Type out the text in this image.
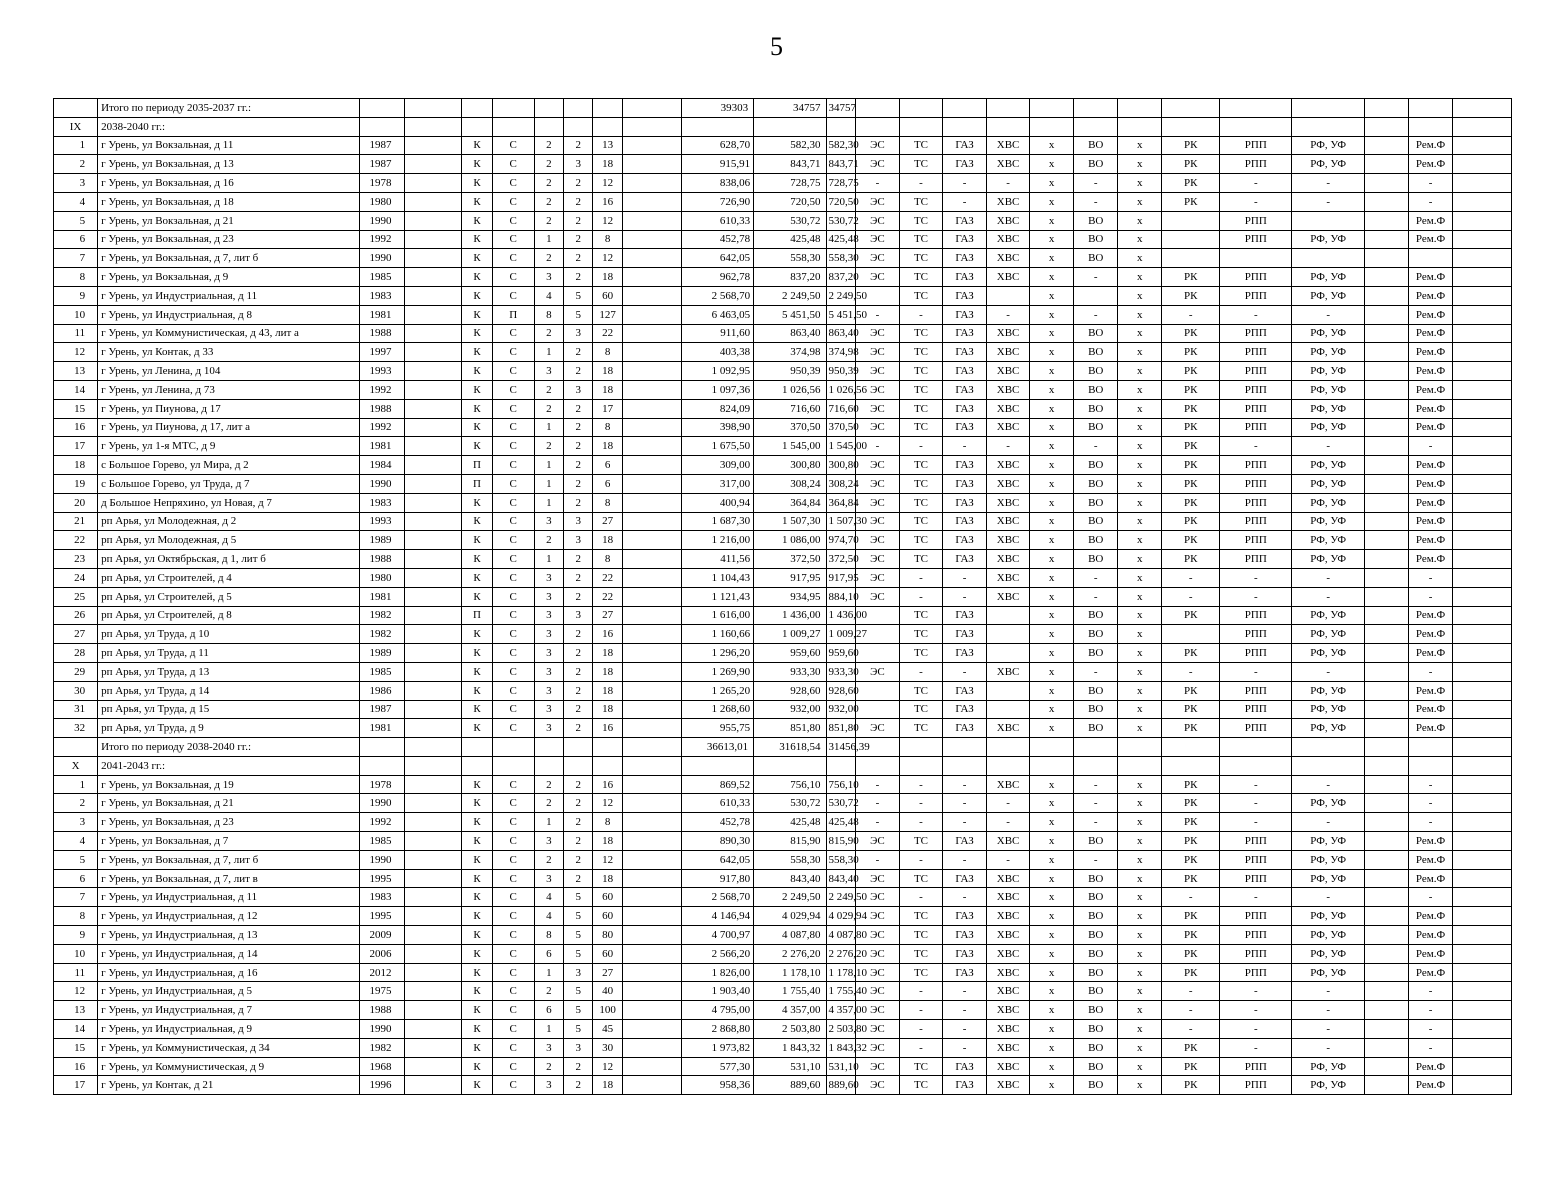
5
	Итого по периоду 2035-2037 гг.:									39303	34757	34757													
IX	2038-2040 гг.:																								
1	г Урень, ул Вокзальная, д 11	1987		К	С	2	2	13		628,70	582,30	582,30	ЭС	ТС	ГАЗ	ХВС	х	ВО	х	РК	РПП	РФ, УФ		Рем.Ф	
2	г Урень, ул Вокзальная, д 13	1987		К	С	2	3	18		915,91	843,71	843,71	ЭС	ТС	ГАЗ	ХВС	х	ВО	х	РК	РПП	РФ, УФ		Рем.Ф	
3	г Урень, ул Вокзальная, д 16	1978		К	С	2	2	12		838,06	728,75	728,75	-	-	-	-	х	-	х	РК	-	-		-	
4	г Урень, ул Вокзальная, д 18	1980		К	С	2	2	16		726,90	720,50	720,50	ЭС	ТС	-	ХВС	х	-	х	РК	-	-		-	
5	г Урень, ул Вокзальная, д 21	1990		К	С	2	2	12		610,33	530,72	530,72	ЭС	ТС	ГАЗ	ХВС	х	ВО	х		РПП			Рем.Ф	
6	г Урень, ул Вокзальная, д 23	1992		К	С	1	2	8		452,78	425,48	425,48	ЭС	ТС	ГАЗ	ХВС	х	ВО	х		РПП	РФ, УФ		Рем.Ф	
7	г Урень, ул Вокзальная, д 7, лит б	1990		К	С	2	2	12		642,05	558,30	558,30	ЭС	ТС	ГАЗ	ХВС	х	ВО	х						
8	г Урень, ул Вокзальная, д 9	1985		К	С	3	2	18		962,78	837,20	837,20	ЭС	ТС	ГАЗ	ХВС	х	-	х	РК	РПП	РФ, УФ		Рем.Ф	
9	г Урень, ул Индустриальная, д 11	1983		К	С	4	5	60		2 568,70	2 249,50	2 249,50		ТС	ГАЗ		х		х	РК	РПП	РФ, УФ		Рем.Ф	
10	г Урень, ул Индустриальная, д 8	1981		К	П	8	5	127		6 463,05	5 451,50	5 451,50	-	-	ГАЗ	-	х	-	х	-	-	-		Рем.Ф	
11	г Урень, ул Коммунистическая, д 43, лит а	1988		К	С	2	3	22		911,60	863,40	863,40	ЭС	ТС	ГАЗ	ХВС	х	ВО	х	РК	РПП	РФ, УФ		Рем.Ф	
12	г Урень, ул Контак, д 33	1997		К	С	1	2	8		403,38	374,98	374,98	ЭС	ТС	ГАЗ	ХВС	х	ВО	х	РК	РПП	РФ, УФ		Рем.Ф	
13	г Урень, ул Ленина, д 104	1993		К	С	3	2	18		1 092,95	950,39	950,39	ЭС	ТС	ГАЗ	ХВС	х	ВО	х	РК	РПП	РФ, УФ		Рем.Ф	
14	г Урень, ул Ленина, д 73	1992		К	С	2	3	18		1 097,36	1 026,56	1 026,56	ЭС	ТС	ГАЗ	ХВС	х	ВО	х	РК	РПП	РФ, УФ		Рем.Ф	
15	г Урень, ул Пиунова, д 17	1988		К	С	2	2	17		824,09	716,60	716,60	ЭС	ТС	ГАЗ	ХВС	х	ВО	х	РК	РПП	РФ, УФ		Рем.Ф	
16	г Урень, ул Пиунова, д 17, лит а	1992		К	С	1	2	8		398,90	370,50	370,50	ЭС	ТС	ГАЗ	ХВС	х	ВО	х	РК	РПП	РФ, УФ		Рем.Ф	
17	г Урень, ул 1-я МТС, д 9	1981		К	С	2	2	18		1 675,50	1 545,00	1 545,00	-	-	-	-	х	-	х	РК	-	-		-	
18	с Большое Горево, ул Мира, д 2	1984		П	С	1	2	6		309,00	300,80	300,80	ЭС	ТС	ГАЗ	ХВС	х	ВО	х	РК	РПП	РФ, УФ		Рем.Ф	
19	с Большое Горево, ул Труда, д 7	1990		П	С	1	2	6		317,00	308,24	308,24	ЭС	ТС	ГАЗ	ХВС	х	ВО	х	РК	РПП	РФ, УФ		Рем.Ф	
20	д Большое Непряхино, ул Новая, д 7	1983		К	С	1	2	8		400,94	364,84	364,84	ЭС	ТС	ГАЗ	ХВС	х	ВО	х	РК	РПП	РФ, УФ		Рем.Ф	
21	рп Арья, ул Молодежная, д 2	1993		К	С	3	3	27		1 687,30	1 507,30	1 507,30	ЭС	ТС	ГАЗ	ХВС	х	ВО	х	РК	РПП	РФ, УФ		Рем.Ф	
22	рп Арья, ул Молодежная, д 5	1989		К	С	2	3	18		1 216,00	1 086,00	974,70	ЭС	ТС	ГАЗ	ХВС	х	ВО	х	РК	РПП	РФ, УФ		Рем.Ф	
23	рп Арья, ул Октябрьская, д 1, лит б	1988		К	С	1	2	8		411,56	372,50	372,50	ЭС	ТС	ГАЗ	ХВС	х	ВО	х	РК	РПП	РФ, УФ		Рем.Ф	
24	рп Арья, ул Строителей, д 4	1980		К	С	3	2	22		1 104,43	917,95	917,95	ЭС	-	-	ХВС	х	-	х	-	-	-		-	
25	рп Арья, ул Строителей, д 5	1981		К	С	3	2	22		1 121,43	934,95	884,10	ЭС	-	-	ХВС	х	-	х	-	-	-		-	
26	рп Арья, ул Строителей, д 8	1982		П	С	3	3	27		1 616,00	1 436,00	1 436,00		ТС	ГАЗ		х	ВО	х	РК	РПП	РФ, УФ		Рем.Ф	
27	рп Арья, ул Труда, д 10	1982		К	С	3	2	16		1 160,66	1 009,27	1 009,27		ТС	ГАЗ		х	ВО	х		РПП	РФ, УФ		Рем.Ф	
28	рп Арья, ул Труда, д 11	1989		К	С	3	2	18		1 296,20	959,60	959,60		ТС	ГАЗ		х	ВО	х	РК	РПП	РФ, УФ		Рем.Ф	
29	рп Арья, ул Труда, д 13	1985		К	С	3	2	18		1 269,90	933,30	933,30	ЭС	-	-	ХВС	х	-	х	-	-	-		-	
30	рп Арья, ул Труда, д 14	1986		К	С	3	2	18		1 265,20	928,60	928,60		ТС	ГАЗ		х	ВО	х	РК	РПП	РФ, УФ		Рем.Ф	
31	рп Арья, ул Труда, д 15	1987		К	С	3	2	18		1 268,60	932,00	932,00		ТС	ГАЗ		х	ВО	х	РК	РПП	РФ, УФ		Рем.Ф	
32	рп Арья, ул Труда, д 9	1981		К	С	3	2	16		955,75	851,80	851,80	ЭС	ТС	ГАЗ	ХВС	х	ВО	х	РК	РПП	РФ, УФ		Рем.Ф	
	Итого по периоду 2038-2040 гг.:									36613,01	31618,54	31456,39													
X	2041-2043 гг.:																								
1	г Урень, ул Вокзальная, д 19	1978		К	С	2	2	16		869,52	756,10	756,10	-	-	-	ХВС	х	-	х	РК	-	-		-	
2	г Урень, ул Вокзальная, д 21	1990		К	С	2	2	12		610,33	530,72	530,72	-	-	-	-	х	-	х	РК	-	РФ, УФ		-	
3	г Урень, ул Вокзальная, д 23	1992		К	С	1	2	8		452,78	425,48	425,48	-	-	-	-	х	-	х	РК	-	-		-	
4	г Урень, ул Вокзальная, д 7	1985		К	С	3	2	18		890,30	815,90	815,90	ЭС	ТС	ГАЗ	ХВС	х	ВО	х	РК	РПП	РФ, УФ		Рем.Ф	
5	г Урень, ул Вокзальная, д 7, лит б	1990		К	С	2	2	12		642,05	558,30	558,30	-	-	-	-	х	-	х	РК	РПП	РФ, УФ		Рем.Ф	
6	г Урень, ул Вокзальная, д 7, лит в	1995		К	С	3	2	18		917,80	843,40	843,40	ЭС	ТС	ГАЗ	ХВС	х	ВО	х	РК	РПП	РФ, УФ		Рем.Ф	
7	г Урень, ул Индустриальная, д 11	1983		К	С	4	5	60		2 568,70	2 249,50	2 249,50	ЭС	-	-	ХВС	х	ВО	х	-	-	-		-	
8	г Урень, ул Индустриальная, д 12	1995		К	С	4	5	60		4 146,94	4 029,94	4 029,94	ЭС	ТС	ГАЗ	ХВС	х	ВО	х	РК	РПП	РФ, УФ		Рем.Ф	
9	г Урень, ул Индустриальная, д 13	2009		К	С	8	5	80		4 700,97	4 087,80	4 087,80	ЭС	ТС	ГАЗ	ХВС	х	ВО	х	РК	РПП	РФ, УФ		Рем.Ф	
10	г Урень, ул Индустриальная, д 14	2006		К	С	6	5	60		2 566,20	2 276,20	2 276,20	ЭС	ТС	ГАЗ	ХВС	х	ВО	х	РК	РПП	РФ, УФ		Рем.Ф	
11	г Урень, ул Индустриальная, д 16	2012		К	С	1	3	27		1 826,00	1 178,10	1 178,10	ЭС	ТС	ГАЗ	ХВС	х	ВО	х	РК	РПП	РФ, УФ		Рем.Ф	
12	г Урень, ул Индустриальная, д 5	1975		К	С	2	5	40		1 903,40	1 755,40	1 755,40	ЭС	-	-	ХВС	х	ВО	х	-	-	-		-	
13	г Урень, ул Индустриальная, д 7	1988		К	С	6	5	100		4 795,00	4 357,00	4 357,00	ЭС	-	-	ХВС	х	ВО	х	-	-	-		-	
14	г Урень, ул Индустриальная, д 9	1990		К	С	1	5	45		2 868,80	2 503,80	2 503,80	ЭС	-	-	ХВС	х	ВО	х	-	-	-		-	
15	г Урень, ул Коммунистическая, д 34	1982		К	С	3	3	30		1 973,82	1 843,32	1 843,32	ЭС	-	-	ХВС	х	ВО	х	РК	-	-		-	
16	г Урень, ул Коммунистическая, д 9	1968		К	С	2	2	12		577,30	531,10	531,10	ЭС	ТС	ГАЗ	ХВС	х	ВО	х	РК	РПП	РФ, УФ		Рем.Ф	
17	г Урень, ул Контак, д 21	1996		К	С	3	2	18		958,36	889,60	889,60	ЭС	ТС	ГАЗ	ХВС	х	ВО	х	РК	РПП	РФ, УФ		Рем.Ф	
